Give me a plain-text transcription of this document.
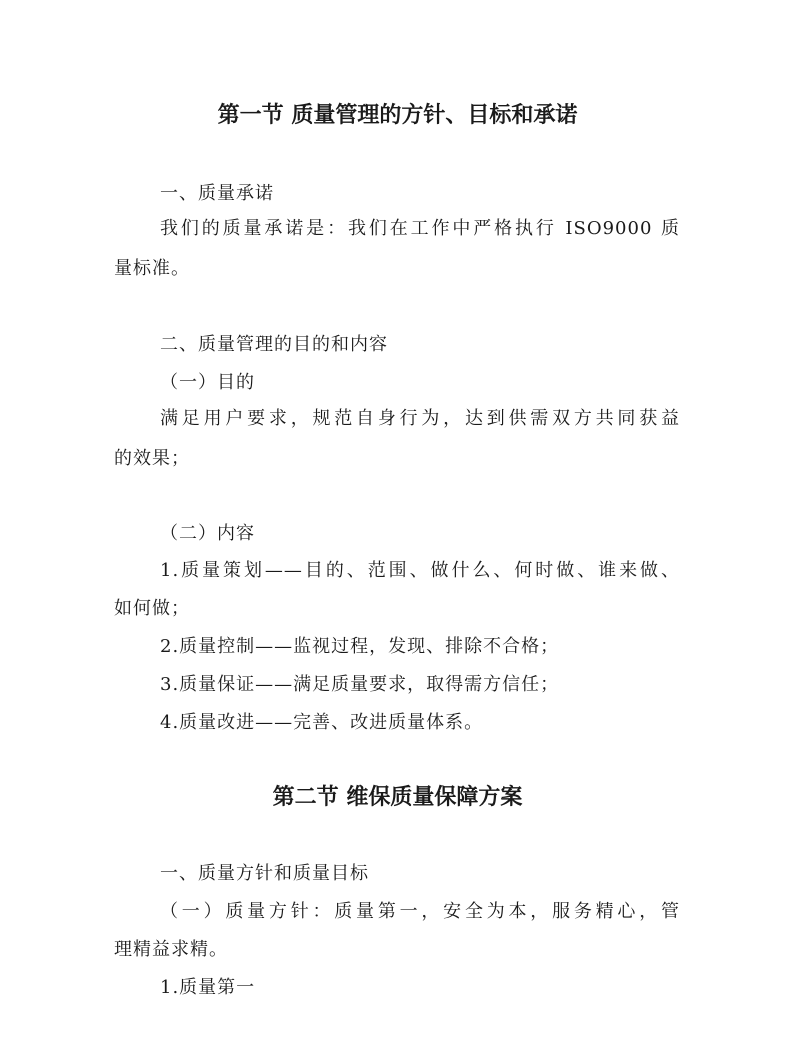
第一节 质量管理的方针、目标和承诺
一、质量承诺
我们的质量承诺是：我们在工作中严格执行 ISO9000 质
量标准。
二、质量管理的目的和内容
（一）目的
满足用户要求，规范自身行为，达到供需双方共同获益
的效果；
（二）内容
1.质量策划——目的、范围、做什么、何时做、谁来做、
如何做；
2.质量控制——监视过程，发现、排除不合格；
3.质量保证——满足质量要求，取得需方信任；
4.质量改进——完善、改进质量体系。
第二节 维保质量保障方案
一、质量方针和质量目标
（一）质量方针：质量第一，安全为本，服务精心，管
理精益求精。
1.质量第一
